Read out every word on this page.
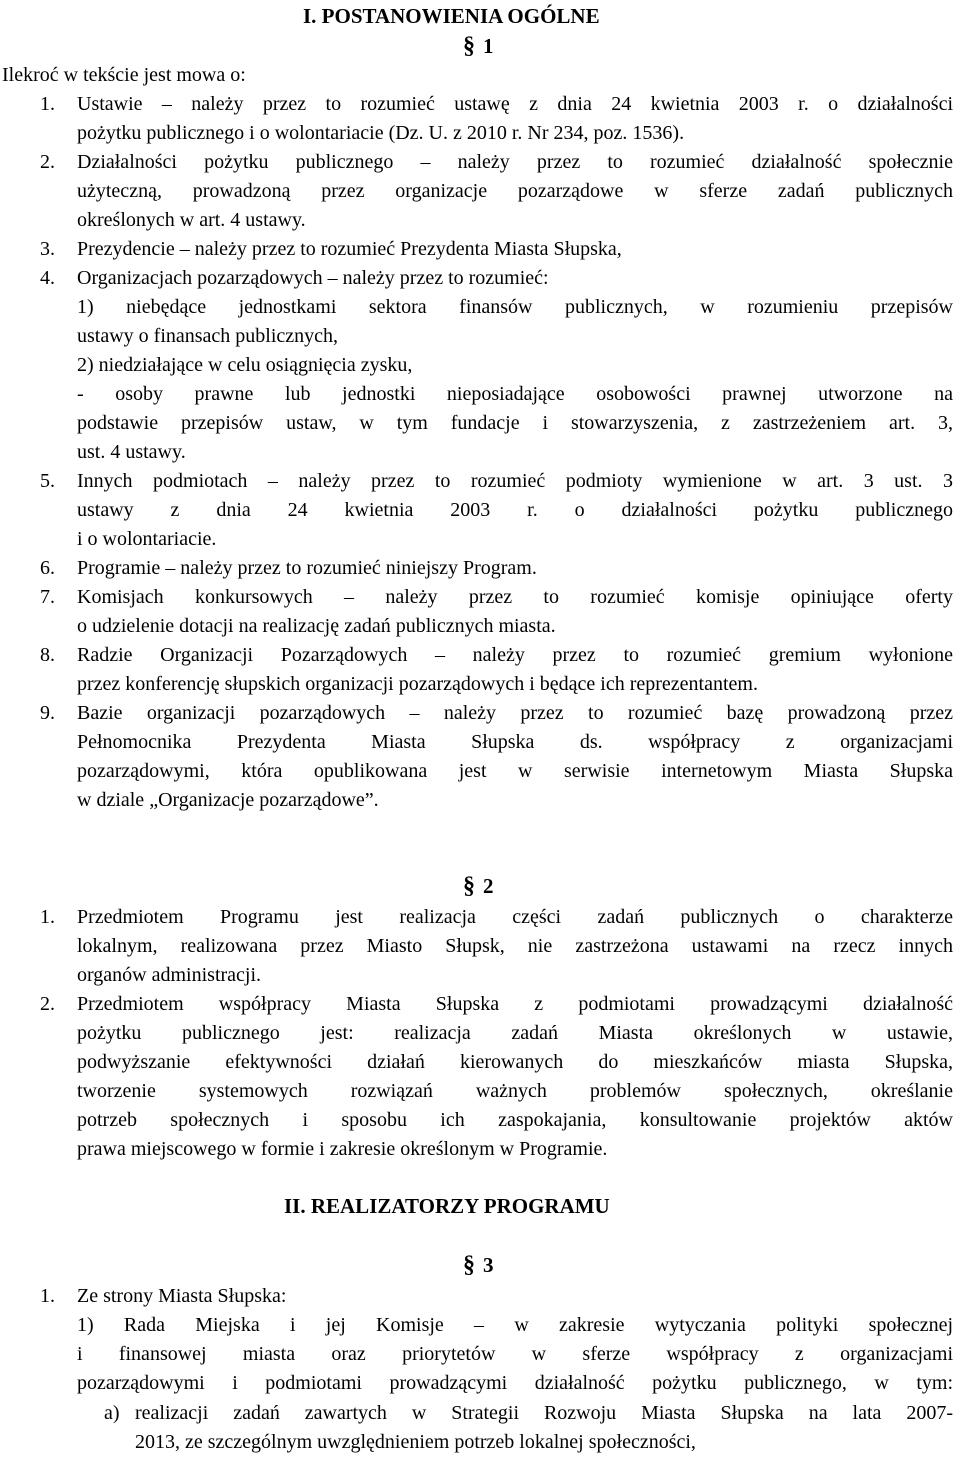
I. POSTANOWIENIA OGÓLNE
§ 1
Ilekroć w tekście jest mowa o:
1. Ustawie – należy przez to rozumieć ustawę z dnia 24 kwietnia 2003 r. o działalności
pożytku publicznego i o wolontariacie (Dz. U. z 2010 r. Nr 234, poz. 1536).
2. Działalności pożytku publicznego – należy przez to rozumieć działalność społecznie
użyteczną, prowadzoną przez organizacje pozarządowe w sferze zadań publicznych
określonych w art. 4 ustawy.
3. Prezydencie – należy przez to rozumieć Prezydenta Miasta Słupska,
4. Organizacjach pozarządowych – należy przez to rozumieć:
1) niebędące jednostkami sektora finansów publicznych, w rozumieniu przepisów
ustawy o finansach publicznych,
2) niedziałające w celu osiągnięcia zysku,
- osoby prawne lub jednostki nieposiadające osobowości prawnej utworzone na
podstawie przepisów ustaw, w tym fundacje i stowarzyszenia, z zastrzeżeniem art. 3,
ust. 4 ustawy.
5. Innych podmiotach – należy przez to rozumieć podmioty wymienione w art. 3 ust. 3
ustawy z dnia 24 kwietnia 2003 r. o działalności pożytku publicznego
i o wolontariacie.
6. Programie – należy przez to rozumieć niniejszy Program.
7. Komisjach konkursowych – należy przez to rozumieć komisje opiniujące oferty
o udzielenie dotacji na realizację zadań publicznych miasta.
8. Radzie Organizacji Pozarządowych – należy przez to rozumieć gremium wyłonione
przez konferencję słupskich organizacji pozarządowych i będące ich reprezentantem.
9. Bazie organizacji pozarządowych – należy przez to rozumieć bazę prowadzoną przez
Pełnomocnika Prezydenta Miasta Słupska ds. współpracy z organizacjami
pozarządowymi, która opublikowana jest w serwisie internetowym Miasta Słupska
w dziale „Organizacje pozarządowe”.
§ 2
1. Przedmiotem Programu jest realizacja części zadań publicznych o charakterze
lokalnym, realizowana przez Miasto Słupsk, nie zastrzeżona ustawami na rzecz innych
organów administracji.
2. Przedmiotem współpracy Miasta Słupska z podmiotami prowadzącymi działalność
pożytku publicznego jest: realizacja zadań Miasta określonych w ustawie,
podwyższanie efektywności działań kierowanych do mieszkańców miasta Słupska,
tworzenie systemowych rozwiązań ważnych problemów społecznych, określanie
potrzeb społecznych i sposobu ich zaspokajania, konsultowanie projektów aktów
prawa miejscowego w formie i zakresie określonym w Programie.
II. REALIZATORZY PROGRAMU
§ 3
1. Ze strony Miasta Słupska:
1) Rada Miejska i jej Komisje – w zakresie wytyczania polityki społecznej
i finansowej miasta oraz priorytetów w sferze współpracy z organizacjami
pozarządowymi i podmiotami prowadzącymi działalność pożytku publicznego, w tym:
a) realizacji zadań zawartych w Strategii Rozwoju Miasta Słupska na lata 2007-
2013, ze szczególnym uwzględnieniem potrzeb lokalnej społeczności,
